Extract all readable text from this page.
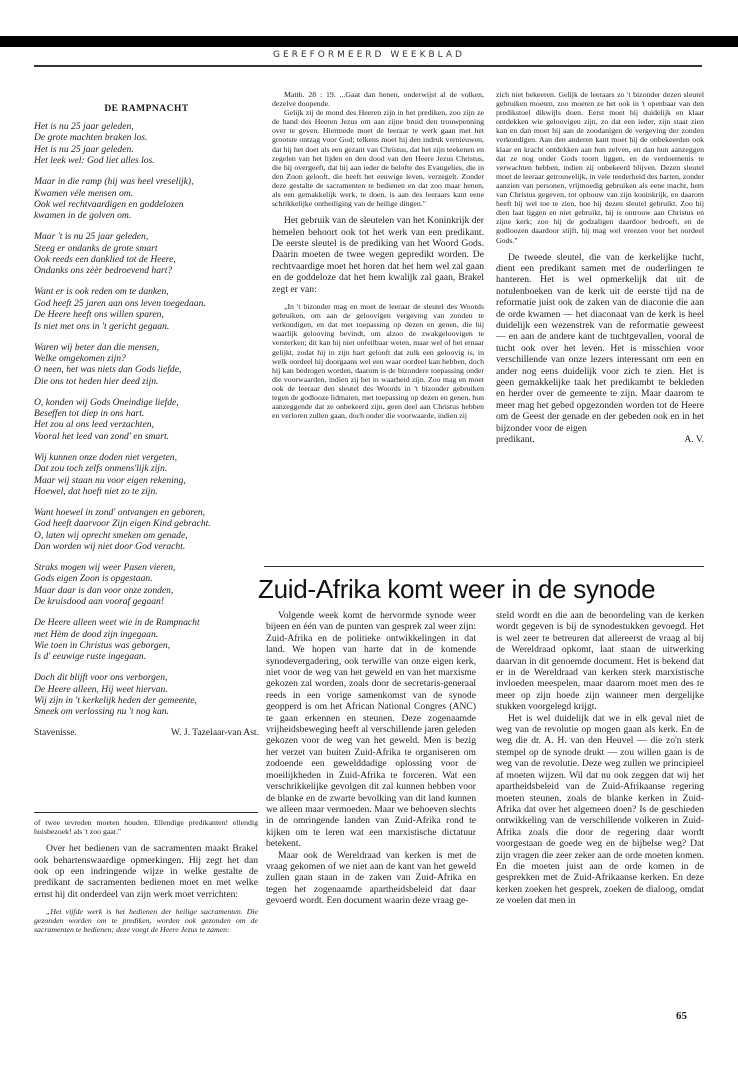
GEREFORMEERD WEEKBLAD
DE RAMPNACHT
Het is nu 25 jaar geleden,
De grote machten braken los.
Het is nu 25 jaar geleden.
Het leek wel: God liet alles los.
Maar in die ramp (hij was heel vreselijk),
Kwamen véle mensen om.
Ook wel rechtvaardigen en goddelozen
kwamen in de golven om.
Maar 't is nu 25 jaar geleden,
Steeg er ondanks de grote smart
Ook reeds een danklied tot de Heere,
Ondanks ons zèèr bedroevend hart?
Want er is ook reden om te danken,
God heeft 25 jaren aan ons leven toegedaan.
De Heere heeft ons willen sparen,
Is niet met ons in 't gericht gegaan.
Waren wij beter dan die mensen,
Welke omgekomen zijn?
O neen, het was niets dan Gods liefde,
Die ons tot heden hier deed zijn.
O, konden wij Gods Oneindige liefde,
Beseffen tot diep in ons hart.
Het zou al ons leed verzachten,
Vooral het leed van zond' en smart.
Wij kunnen onze doden niet vergeten,
Dat zou toch zelfs onmens'lijk zijn.
Maar wij staan nu voor eigen rekening,
Hoewel, dat hoeft niet zo te zijn.
Want hoewel in zond' ontvangen en geboren,
God heeft daarvoor Zijn eigen Kind gebracht.
O, laten wij oprecht smeken om genade,
Dan worden wij niet door God veracht.
Straks mogen wij weer Pasen vieren,
Gods eigen Zoon is opgestaan.
Maar daar is dan voor onze zonden,
De kruisdood aan vooraf gegaan!
De Heere alleen weet wie in de Rampnacht
met Hèm de dood zijn ingegaan.
Wie toen in Christus was geborgen,
Is d' eeuwige ruste ingegaan.
Doch dit blijft voor ons verborgen,
De Heere alleen, Hij weet hiervan.
Wij zijn in 't kerkelijk heden der gemeente,
Smeek om verlossing nu 't nog kan.
Stavenisse.	W. J. Tazelaar-van Ast.

of twee tevreden moeten houden. Ellendige predikanten! ellendig huisbezoek! als 't zoo gaat."

Over het bedienen van de sacramenten maakt Brakel ook behartenswaardige opmerkingen. Hij zegt het dan ook op een indringende wijze in welke gestalte de predikant de sacramenten bedienen moet en met welke ernst hij dit onderdeel van zijn werk moet verrichten:

„Het vijfde werk is het bedienen der heilige sacramenten. Die gezonden worden om te prediken, worden ook gezonden om de sacramenten te bedienen; deze voegt de Heere Jezus te zamen:

Matth. 28 : 19. ...Gaat dan henen, onderwijst al de volken, dezelve doopende.

Gelijk zij de mond des Heeren zijn in het prediken, zoo zijn ze de hand des Heeren Jezus om aan zijne bruid den trouwpenning over te geven. Hiermede moet de leeraar te werk gaan met het grootste ontzag voor God; telkens moet hij den indruk vernieuwen, dat hij het doet als een gezant van Christus, dat het zijn teekenen en zegelen van het lijden en den dood van den Heere Jezus Christus, die hij overgeeft, dat hij aan ieder de belofte des Evangelies, die in den Zoon gelooft, die heeft het eeuwige leven, verzegelt. Zonder deze gestalte de sacramenten te bedienen en dat zoo maar henen, als een gemakkelijk werk, te doen, is aan des leeraars kant eene schrikkelijke ontheiliging van de heilige dingen."

Het gebruik van de sleutelen van het Koninkrijk der hemelen behoort ook tot het werk van een predikant. De eerste sleutel is de prediking van het Woord Gods. Daarin moeten de twee wegen gepredikt worden. De rechtvaardige moet het horen dat het hem wel zal gaan en de goddeloze dat het hem kwalijk zal gaan, Brakel zegt er van:

„In 't bizonder mag en moet de leeraar de sleutel des Woords gebruiken, om aan de geloovigen vergeving van zonden te verkondigen, en dat met toepassing op dezen en genen, die hij waarlijk gelooving bevindt, om alzoo de zwakgeloovigen te versterken; dit kan hij niet onfeilbaar weten, maar wel of het ernaar gelijkt, zodat hij in zijn hart gelooft dat zulk een geloovig is, in welk oordeel hij doorgaans wel een waar oordeel kan hebben, doch hij kan bedrogen worden, daarom is de bizondere toepassing onder die voorwaarden, indien zij het in waarheid zijn. Zoo mag en moet ook de leeraar den sleutel des Woords in 't bizonder gebruiken tegen de godlooze lidmaten, met toepassing op dezen en genen, hun aanzeggende dat ze onbekeerd zijn, geen deel aan Christus hebben en verloren zullen gaan, doch onder die voorwaarde, indien zij

zich niet bekeeren. Gelijk de leeraars zo 't bizonder dezen sleutel gebruiken moeten, zoo moeten ze het ook in 't openbaar van den predikstoel dikwijls doen. Eerst moet hij duidelijk en klaar ontdekken wie geloovigen zijn, zo dat een ieder, zijn staat zien kan en dan moet hij aan de zoodanigen de vergeving der zonden verkondigen. Aan den anderen kant moet hij de onbekeerden ook klaar en kracht ontdekken aan hun zelven, en dan hun aanzeggen dat ze nog onder Gods toorn liggen, en de verdoemenis te verwachten hebben, indien zij onbekeerd blijven. Dezen sleutel moet de leeraar getrouwelijk, in vele teederheid des harten, zonder aanzien van personen, vrijmoedig gebruiken als eene macht, hem van Christus gegeven, tot opbouw van zijn koninkrijk, en daarom heeft hij wel toe te zien, hoe hij dezen sleutel gebruikt. Zoo hij dien laat liggen en niet gebruikt, hij is ontrouw aan Christus en zijne kerk; zoo hij de godzaligen daardoor bedroeft, en de godloozen daardoor stijft, hij mag wel vreezen voor het oordeel Gods."

De tweede sleutel, die van de kerkelijke tucht, dient een predikant samen met de ouderlingen te hanteren. Het is wel opmerkelijk dat uit de notulenboeken van de kerk uit de eerste tijd na de reformatie juist ook de zaken van de diaconie die aan de orde kwamen — het diaconaat van de kerk is heel duidelijk een wezenstrek van de reformatie geweest — en aan de andere kant de tuchtgevallen, vooral de tucht ook over het leven. Het is misschien voor verschillende van onze lezers interessant om een en ander nog eens duidelijk voor zich te zien. Het is geen gemakkelijke taak het predikambt te bekleden en herder over de gemeente te zijn. Maar daarom te meer mag het gebed opgezonden worden tot de Heere om de Geest der genade en der gebeden ook en in het bijzonder voor de eigen

predikant.	A. V.
Zuid-Afrika komt weer in de synode

Volgende week komt de hervormde synode weer bijeen en één van de punten van gesprek zal weer zijn: Zuid-Afrika en de politieke ontwikkelingen in dat land. We hopen van harte dat in de komende synodevergadering, ook terwille van onze eigen kerk, niet voor de weg van het geweld en van het marxisme gekozen zal worden, zoals door de secretaris-generaal reeds in een vorige samenkomst van de synode geopperd is om het African National Congres (ANC) te gaan erkennen en steunen. Deze zogenaamde vrijheidsbeweging heeft al verschillende jaren geleden gekozen voor de weg van het geweld. Men is bezig het verzet van buiten Zuid-Afrika te organiseren om zodoende een gewelddadige oplossing voor de moeilijkheden in Zuid-Afrika te forceren. Wat een verschrikkelijke gevolgen dit zal kunnen hebben voor de blanke en de zwarte bevolking van dit land kunnen we alleen maar vermoeden. Maar we behoeven slechts in de omringende landen van Zuid-Afrika rond te kijken om te leren wat een marxistische dictatuur betekent.

Maar ook de Wereldraad van kerken is met de vraag gekomen of we niet aan de kant van het geweld zullen gaan staan in de zaken van Zuid-Afrika en tegen het zogenaamde apartheidsbeleid dat daar gevoerd wordt. Een document waarin deze vraag ge-

steld wordt en die aan de beoordeling van de kerken wordt gegeven is bij de synodestukken gevoegd. Het is wel zeer te betreuren dat allereerst de vraag al bij de Wereldraad opkomt, laat staan de uitwerking daarvan in dit genoemde document. Het is bekend dat er in de Wereldraad van kerken sterk marxistische invloeden meespelen, maar daarom moet men des te meer op zijn hoede zijn wanneer men dergelijke stukken voorgelegd krijgt.

Het is wel duidelijk dat we in elk geval niet de weg van de revolutie op mogen gaan als kerk. En de weg die dr. A. H. van den Heuvel — die zo'n sterk stempel op de synode drukt — zou willen gaan is de weg van de revolutie. Deze weg zullen we principieel af moeten wijzen. Wil dat nu ook zeggen dat wij het apartheidsbeleid van de Zuid-Afrikaanse regering moeten steunen, zoals de blanke kerken in Zuid-Afrika dat over het algemeen doen? Is de geschieden ontwikkeling van de verschillende volkeren in Zuid-Afrika zoals die door de regering daar wordt voorgestaan de goede weg en de bijbelse weg? Dat zijn vragen die zeer zeker aan de orde moeten komen. En die moeten juist aan de orde komen in de gesprekken met de Zuid-Afrikaanse kerken. En deze kerken zoeken het gesprek, zoeken de dialoog, omdat ze voelen dat men in

65
